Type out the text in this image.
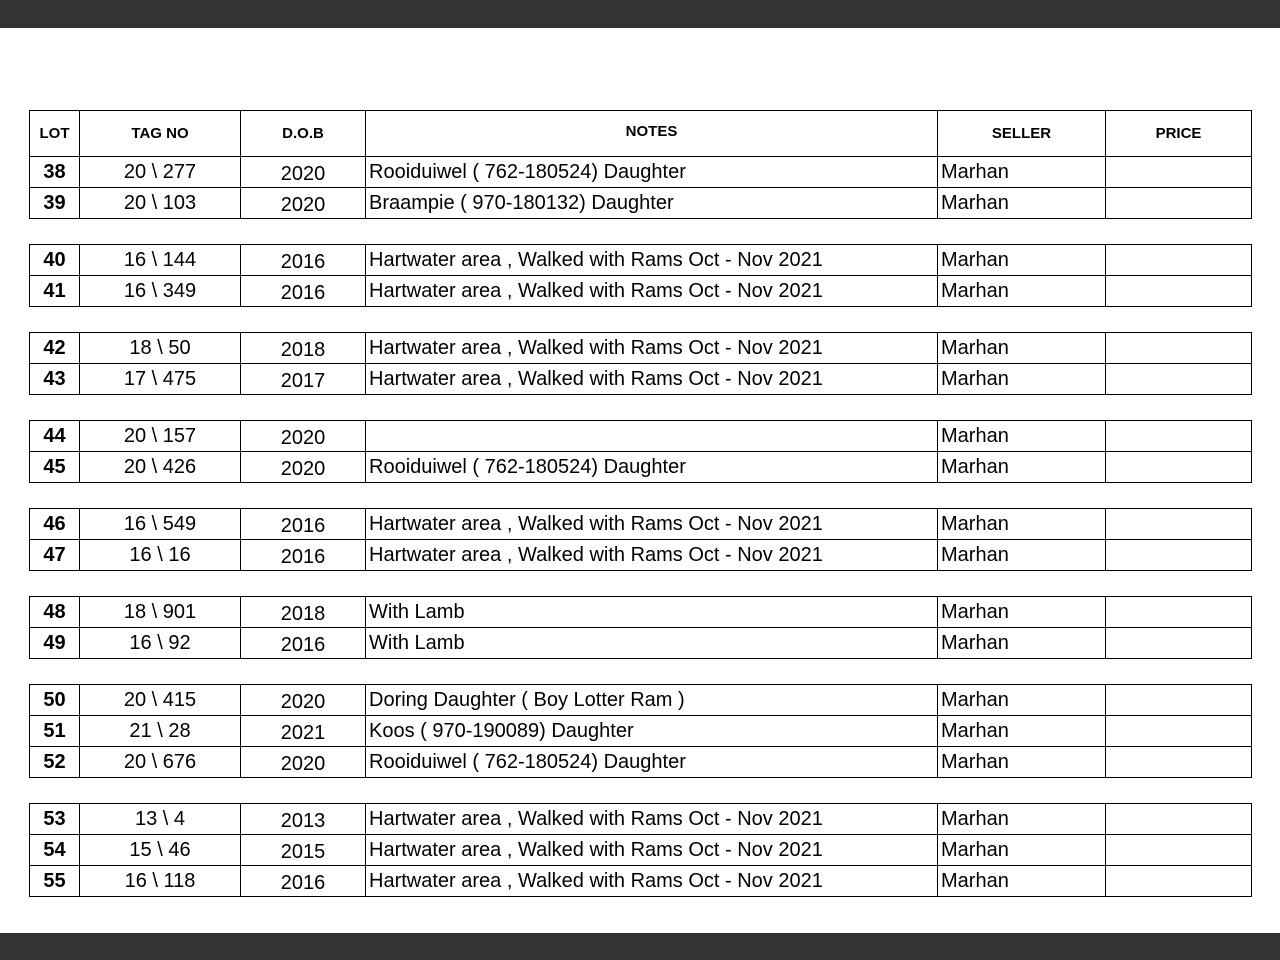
LOT	TAG NO	D.O.B	NOTES	SELLER	PRICE
38	20 \ 277	2020	Rooiduiwel ( 762-180524) Daughter	Marhan	
39	20 \ 103	2020	Braampie ( 970-180132) Daughter	Marhan	

40	16 \ 144	2016	Hartwater area , Walked with Rams Oct - Nov 2021	Marhan	
41	16 \ 349	2016	Hartwater area , Walked with Rams Oct - Nov 2021	Marhan	

42	18 \ 50	2018	Hartwater area , Walked with Rams Oct - Nov 2021	Marhan	
43	17 \ 475	2017	Hartwater area , Walked with Rams Oct - Nov 2021	Marhan	

44	20 \ 157	2020		Marhan	
45	20 \ 426	2020	Rooiduiwel ( 762-180524) Daughter	Marhan	

46	16 \ 549	2016	Hartwater area , Walked with Rams Oct - Nov 2021	Marhan	
47	16 \ 16	2016	Hartwater area , Walked with Rams Oct - Nov 2021	Marhan	

48	18 \ 901	2018	With Lamb	Marhan	
49	16 \ 92	2016	With Lamb	Marhan	

50	20 \ 415	2020	Doring Daughter ( Boy Lotter Ram )	Marhan	
51	21 \ 28	2021	Koos ( 970-190089) Daughter	Marhan	
52	20 \ 676	2020	Rooiduiwel ( 762-180524) Daughter	Marhan	

53	13 \ 4	2013	Hartwater area , Walked with Rams Oct - Nov 2021	Marhan	
54	15 \ 46	2015	Hartwater area , Walked with Rams Oct - Nov 2021	Marhan	
55	16 \ 118	2016	Hartwater area , Walked with Rams Oct - Nov 2021	Marhan	
